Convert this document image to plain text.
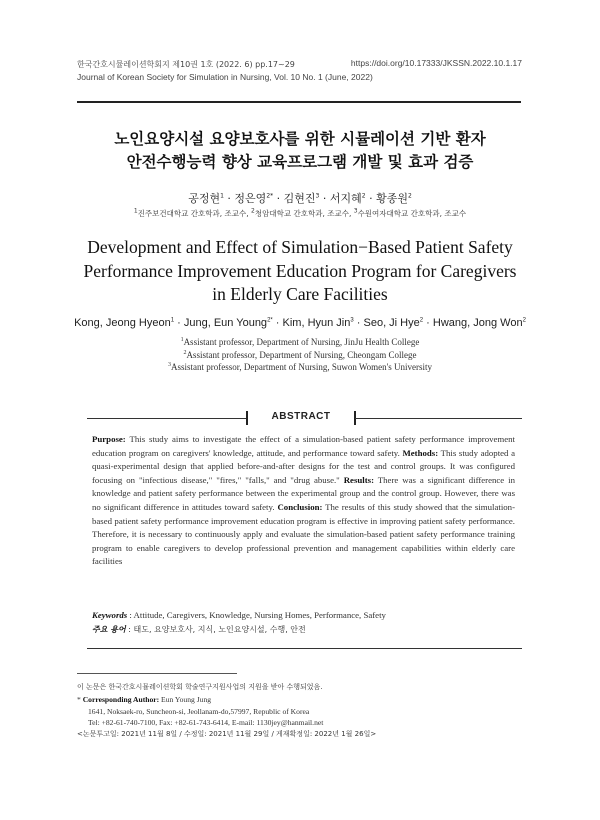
한국간호시뮬레이션학회지 제10권 1호 (2022. 6) pp.17~29
Journal of Korean Society for Simulation in Nursing, Vol. 10 No. 1 (June, 2022)
https://doi.org/10.17333/JKSSN.2022.10.1.17
노인요양시설 요양보호사를 위한 시뮬레이션 기반 환자
안전수행능력 향상 교육프로그램 개발 및 효과 검증
공정현$^1$ · 정은영$^{2*}$ · 김현진$^3$ · 서지혜$^2$ · 황종원$^2$
$^1$진주보건대학교 간호학과, 조교수, $^2$청암대학교 간호학과, 조교수, $^3$수원여자대학교 간호학과, 조교수
Development and Effect of Simulation−Based Patient Safety
Performance Improvement Education Program for Caregivers
in Elderly Care Facilities
Kong, Jeong Hyeon$^1$ · Jung, Eun Young$^{2*}$ · Kim, Hyun Jin$^3$ · Seo, Ji Hye$^2$ · Hwang, Jong Won$^2$
$^1$Assistant professor, Department of Nursing, JinJu Health College
$^2$Assistant professor, Department of Nursing, Cheongam College
$^3$Assistant professor, Department of Nursing, Suwon Women's University
ABSTRACT
Purpose: This study aims to investigate the effect of a simulation-based patient safety performance improvement education program on caregivers' knowledge, attitude, and performance toward safety. Methods: This study adopted a quasi-experimental design that applied before-and-after designs for the test and control groups. It was configured focusing on "infectious disease," "fires," "falls," and "drug abuse." Results: There was a significant difference in knowledge and patient safety performance between the experimental group and the control group. However, there was no significant difference in attitudes toward safety. Conclusion: The results of this study showed that the simulation-based patient safety performance improvement education program is effective in improving patient safety performance. Therefore, it is necessary to continuously apply and evaluate the simulation-based patient safety performance training program to enable caregivers to develop professional prevention and management capabilities within elderly care facilities
Keywords : Attitude, Caregivers, Knowledge, Nursing Homes, Performance, Safety
주요 용어 : 태도, 요양보호사, 지식, 노인요양시설, 수행, 안전
이 논문은 한국간호시뮬레이션학회 학술연구지원사업의 지원을 받아 수행되었음.
* Corresponding Author: Eun Young Jung
1641, Noksaek-ro, Suncheon-si, Jeollanam-do,57997, Republic of Korea
Tel: +82-61-740-7100, Fax: +82-61-743-6414, E-mail: 1130jey@hanmail.net
<논문투고일: 2021년 11월 8일 / 수정일: 2021년 11월 29일 / 게재확정일: 2022년 1월 26일>
